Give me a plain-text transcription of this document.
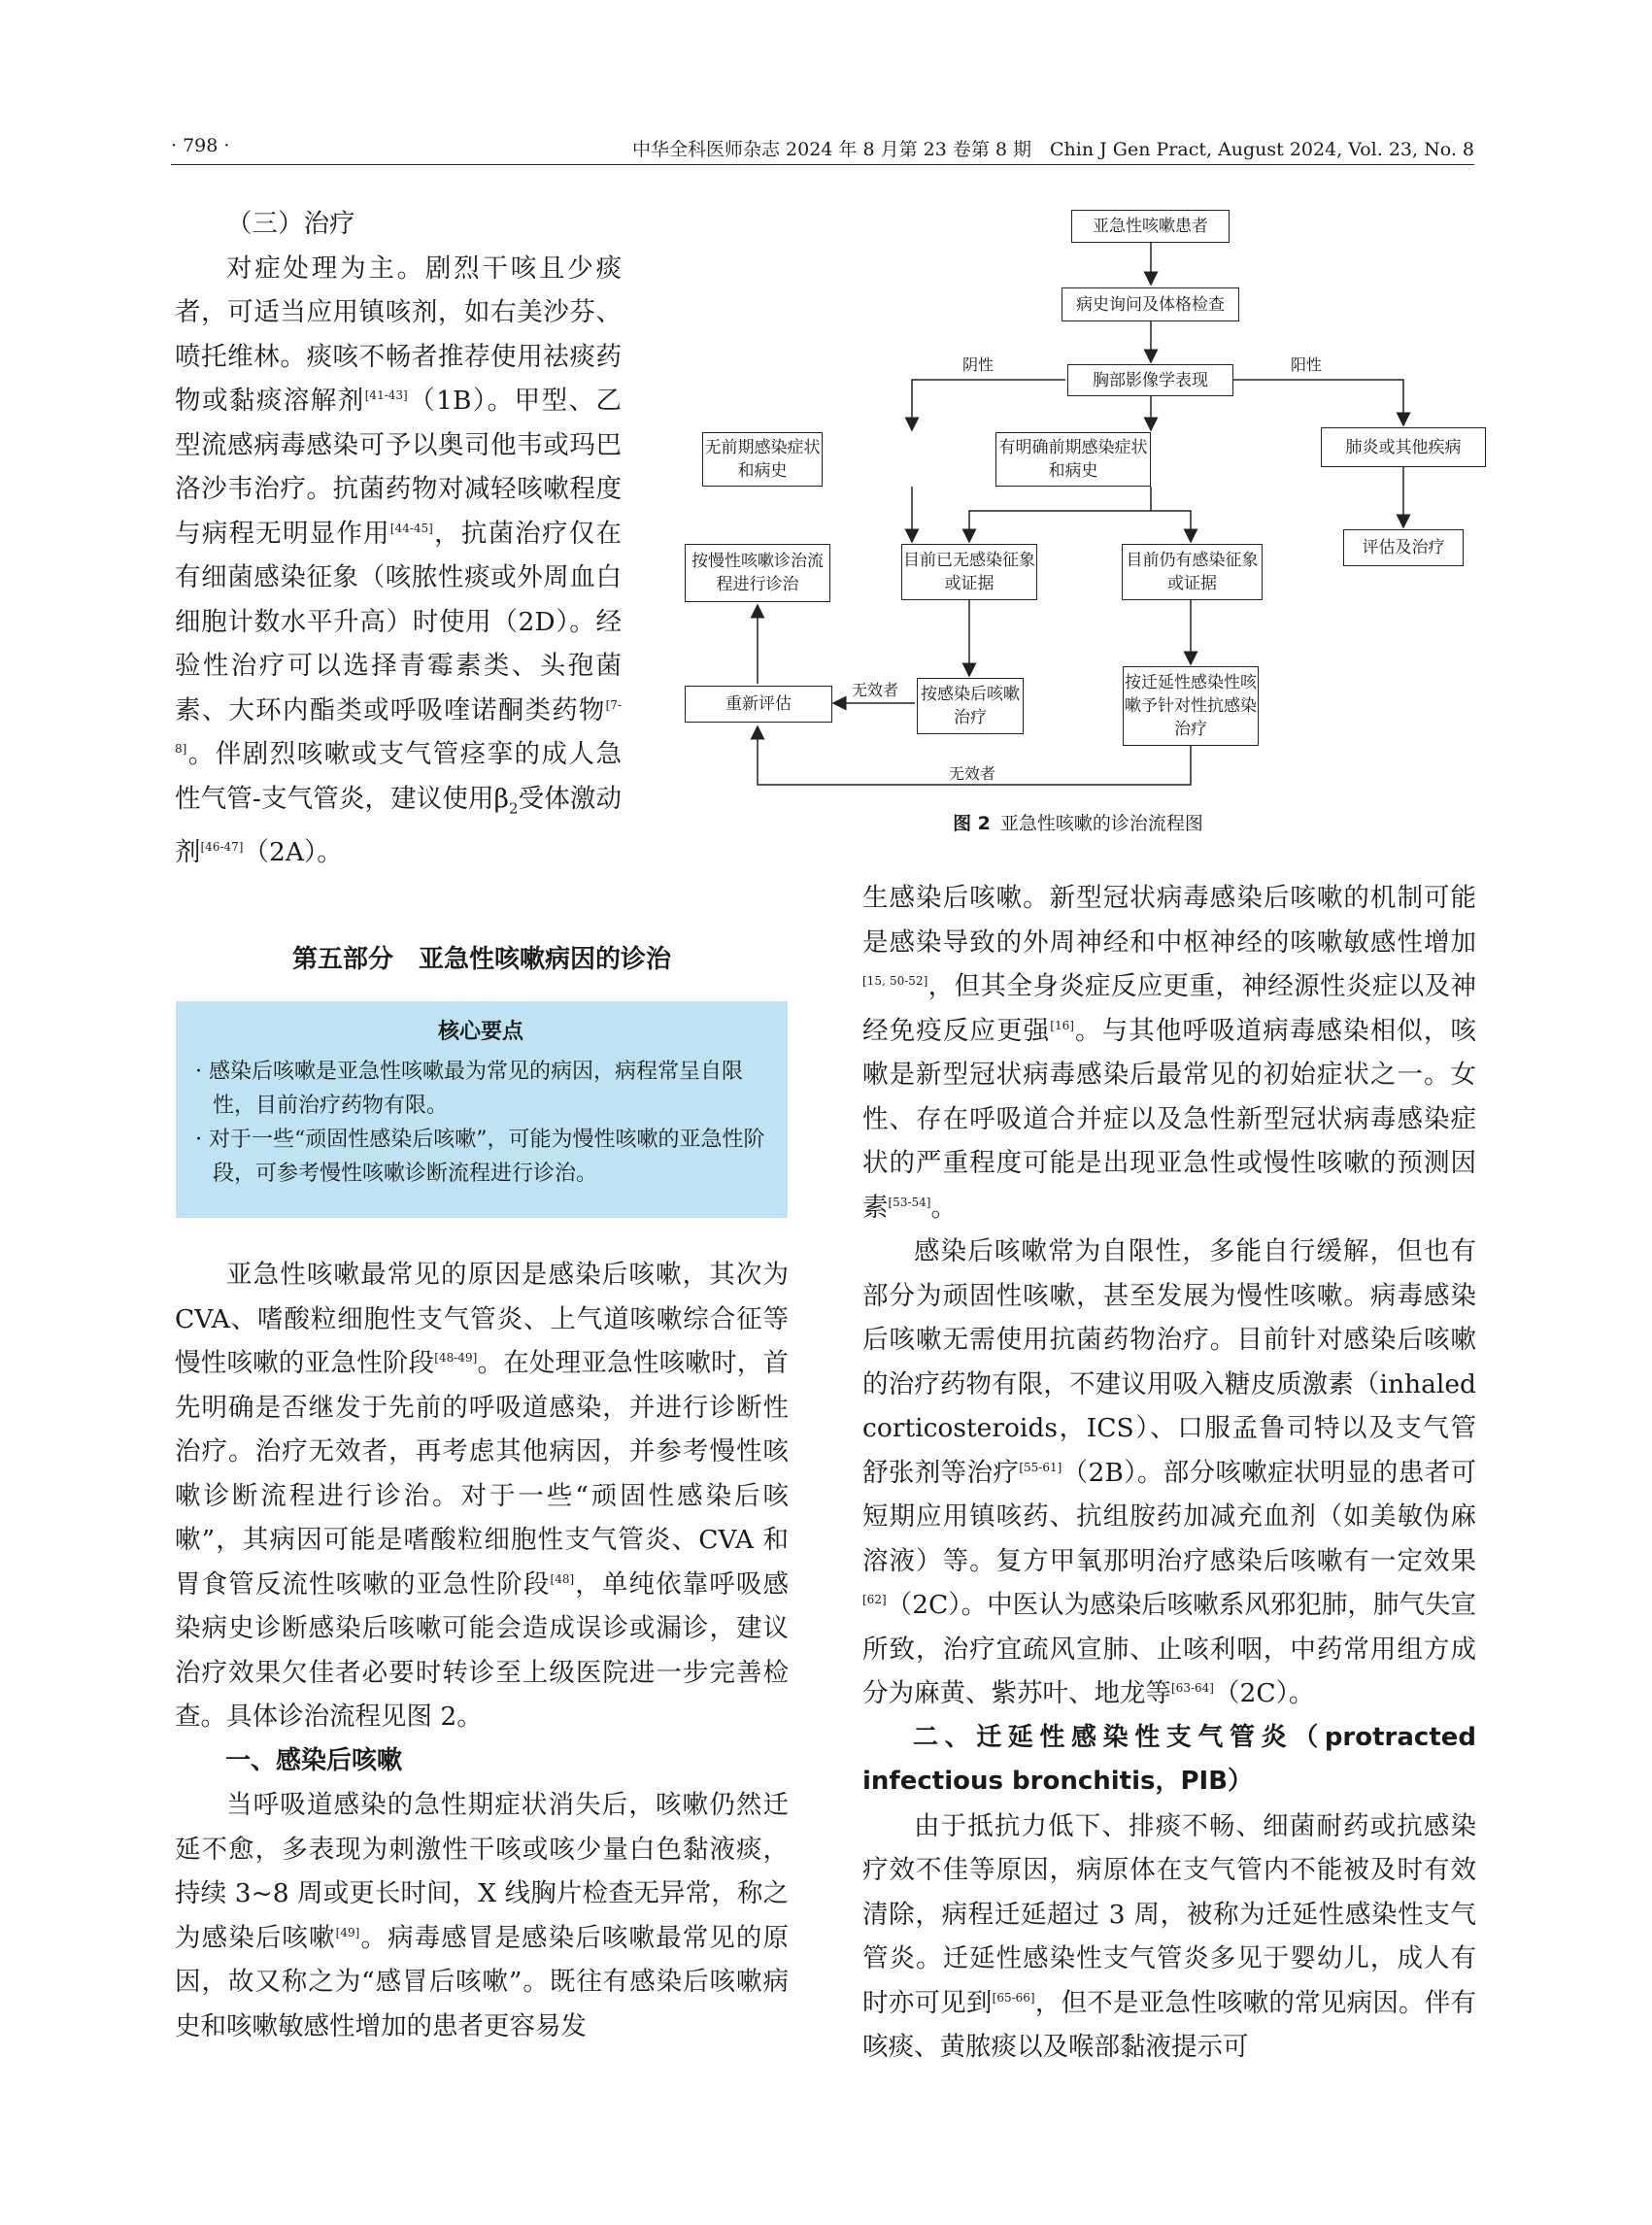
· 798 ·	中华全科医师杂志 2024 年 8 月第 23 卷第 8 期　Chin J Gen Pract, August 2024, Vol. 23, No. 8

（三）治疗

对症处理为主。剧烈干咳且少痰者，可适当应用镇咳剂，如右美沙芬、喷托维林。痰咳不畅者推荐使用祛痰药物或黏痰溶解剂[41-43]（1B）。甲型、乙型流感病毒感染可予以奥司他韦或玛巴洛沙韦治疗。抗菌药物对减轻咳嗽程度与病程无明显作用[44-45]，抗菌治疗仅在有细菌感染征象（咳脓性痰或外周血白细胞计数水平升高）时使用（2D）。经验性治疗可以选择青霉素类、头孢菌素、大环内酯类或呼吸喹诺酮类药物[7-8]。伴剧烈咳嗽或支气管痉挛的成人急性气管-支气管炎，建议使用$\beta_2$受体激动剂[46-47]（2A）。

第五部分　亚急性咳嗽病因的诊治
核心要点
· 感染后咳嗽是亚急性咳嗽最为常见的病因，病程常呈自限性，目前治疗药物有限。
· 对于一些“顽固性感染后咳嗽”，可能为慢性咳嗽的亚急性阶段，可参考慢性咳嗽诊断流程进行诊治。

亚急性咳嗽最常见的原因是感染后咳嗽，其次为 CVA、嗜酸粒细胞性支气管炎、上气道咳嗽综合征等慢性咳嗽的亚急性阶段[48-49]。在处理亚急性咳嗽时，首先明确是否继发于先前的呼吸道感染，并进行诊断性治疗。治疗无效者，再考虑其他病因，并参考慢性咳嗽诊断流程进行诊治。对于一些“顽固性感染后咳嗽”，其病因可能是嗜酸粒细胞性支气管炎、CVA 和胃食管反流性咳嗽的亚急性阶段[48]，单纯依靠呼吸感染病史诊断感染后咳嗽可能会造成误诊或漏诊，建议治疗效果欠佳者必要时转诊至上级医院进一步完善检查。具体诊治流程见图 2。

一、感染后咳嗽

当呼吸道感染的急性期症状消失后，咳嗽仍然迁延不愈，多表现为刺激性干咳或咳少量白色黏液痰，持续 3~8 周或更长时间，X 线胸片检查无异常，称之为感染后咳嗽[49]。病毒感冒是感染后咳嗽最常见的原因，故又称之为“感冒后咳嗽”。既往有感染后咳嗽病史和咳嗽敏感性增加的患者更容易发

亚急性咳嗽患者
病史询问及体格检查
胸部影像学表现
阴性	阳性
无前期感染症状和病史
有明确前期感染症状和病史
肺炎或其他疾病
按慢性咳嗽诊治流程进行诊治
目前已无感染征象或证据
目前仍有感染征象或证据
评估及治疗
重新评估
无效者 按感染后咳嗽治疗
按迁延性感染性咳嗽予针对性抗感染治疗
无效者
图 2 亚急性咳嗽的诊治流程图

生感染后咳嗽。新型冠状病毒感染后咳嗽的机制可能是感染导致的外周神经和中枢神经的咳嗽敏感性增加[15, 50-52]，但其全身炎症反应更重，神经源性炎症以及神经免疫反应更强[16]。与其他呼吸道病毒感染相似，咳嗽是新型冠状病毒感染后最常见的初始症状之一。女性、存在呼吸道合并症以及急性新型冠状病毒感染症状的严重程度可能是出现亚急性或慢性咳嗽的预测因素[53-54]。

感染后咳嗽常为自限性，多能自行缓解，但也有部分为顽固性咳嗽，甚至发展为慢性咳嗽。病毒感染后咳嗽无需使用抗菌药物治疗。目前针对感染后咳嗽的治疗药物有限，不建议用吸入糖皮质激素（inhaled corticosteroids，ICS）、口服孟鲁司特以及支气管舒张剂等治疗[55-61]（2B）。部分咳嗽症状明显的患者可短期应用镇咳药、抗组胺药加减充血剂（如美敏伪麻溶液）等。复方甲氧那明治疗感染后咳嗽有一定效果[62]（2C）。中医认为感染后咳嗽系风邪犯肺，肺气失宣所致，治疗宜疏风宣肺、止咳利咽，中药常用组方成分为麻黄、紫苏叶、地龙等[63-64]（2C）。

二、迁延性感染性支气管炎（protracted infectious bronchitis，PIB）

由于抵抗力低下、排痰不畅、细菌耐药或抗感染疗效不佳等原因，病原体在支气管内不能被及时有效清除，病程迁延超过 3 周，被称为迁延性感染性支气管炎。迁延性感染性支气管炎多见于婴幼儿，成人有时亦可见到[65-66]，但不是亚急性咳嗽的常见病因。伴有咳痰、黄脓痰以及喉部黏液提示可
